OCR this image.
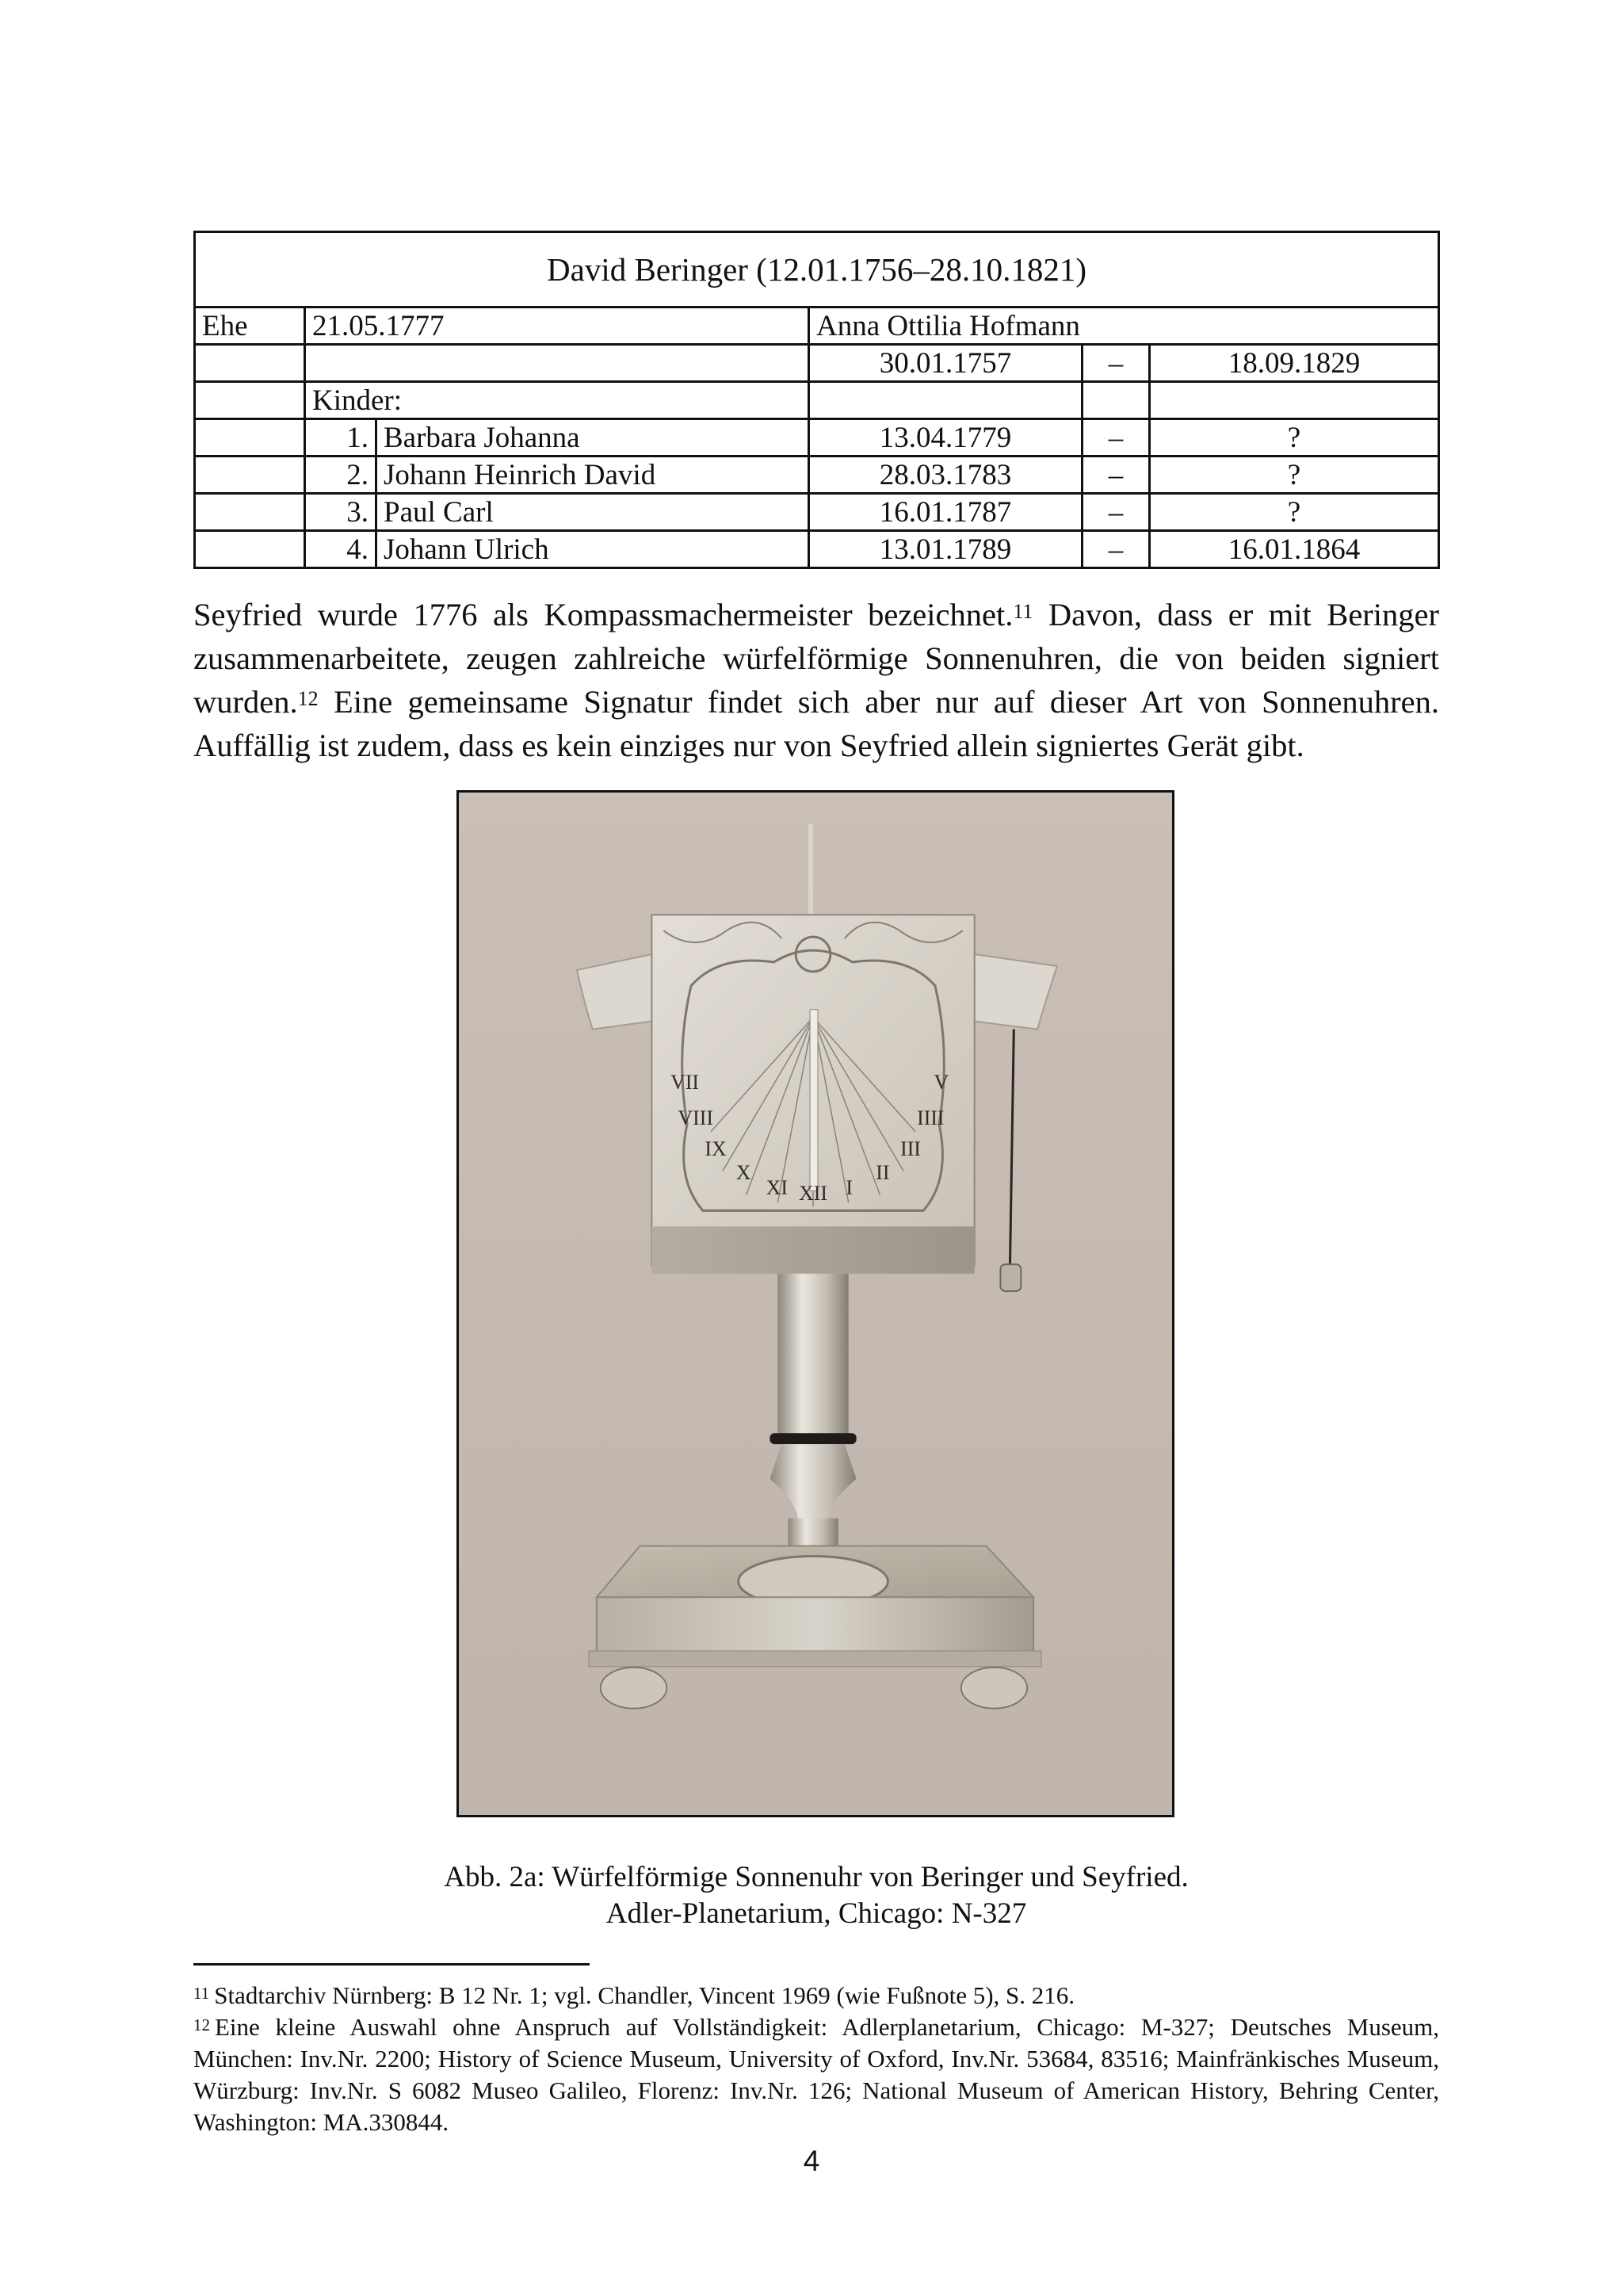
David Beringer (12.01.1756–28.10.1821)					
Ehe	21.05.1777		Anna Ottilia Hofmann		
			30.01.1757	–	18.09.1829
	Kinder:				
	1.	Barbara Johanna	13.04.1779	–	?
	2.	Johann Heinrich David	28.03.1783	–	?
	3.	Paul Carl	16.01.1787	–	?
	4.	Johann Ulrich	13.01.1789	–	16.01.1864

Seyfried wurde 1776 als Kompassmachermeister bezeichnet.$^{11}$ Davon, dass er mit Beringer zusammenarbeitete, zeugen zahlreiche würfelförmige Sonnenuhren, die von beiden signiert wurden.$^{12}$ Eine gemeinsame Signatur findet sich aber nur auf dieser Art von Sonnenuhren. Auffällig ist zudem, dass es kein einziges nur von Seyfried allein signiertes Gerät gibt.

VII
VIII
IX
X
XI XII I
II
III
IIII
V
Abb. 2a: Würfelförmige Sonnenuhr von Beringer und Seyfried.
Adler-Planetarium, Chicago: N-327

$^{11}$ Stadtarchiv Nürnberg: B 12 Nr. 1; vgl. Chandler, Vincent 1969 (wie Fußnote 5), S. 216.

$^{12}$ Eine kleine Auswahl ohne Anspruch auf Vollständigkeit: Adlerplanetarium, Chicago: M-327; Deutsches Museum, München: Inv.Nr. 2200; History of Science Museum, University of Oxford, Inv.Nr. 53684, 83516; Mainfränkisches Museum, Würzburg: Inv.Nr. S 6082 Museo Galileo, Florenz: Inv.Nr. 126; National Museum of American History, Behring Center, Washington: MA.330844.

4
